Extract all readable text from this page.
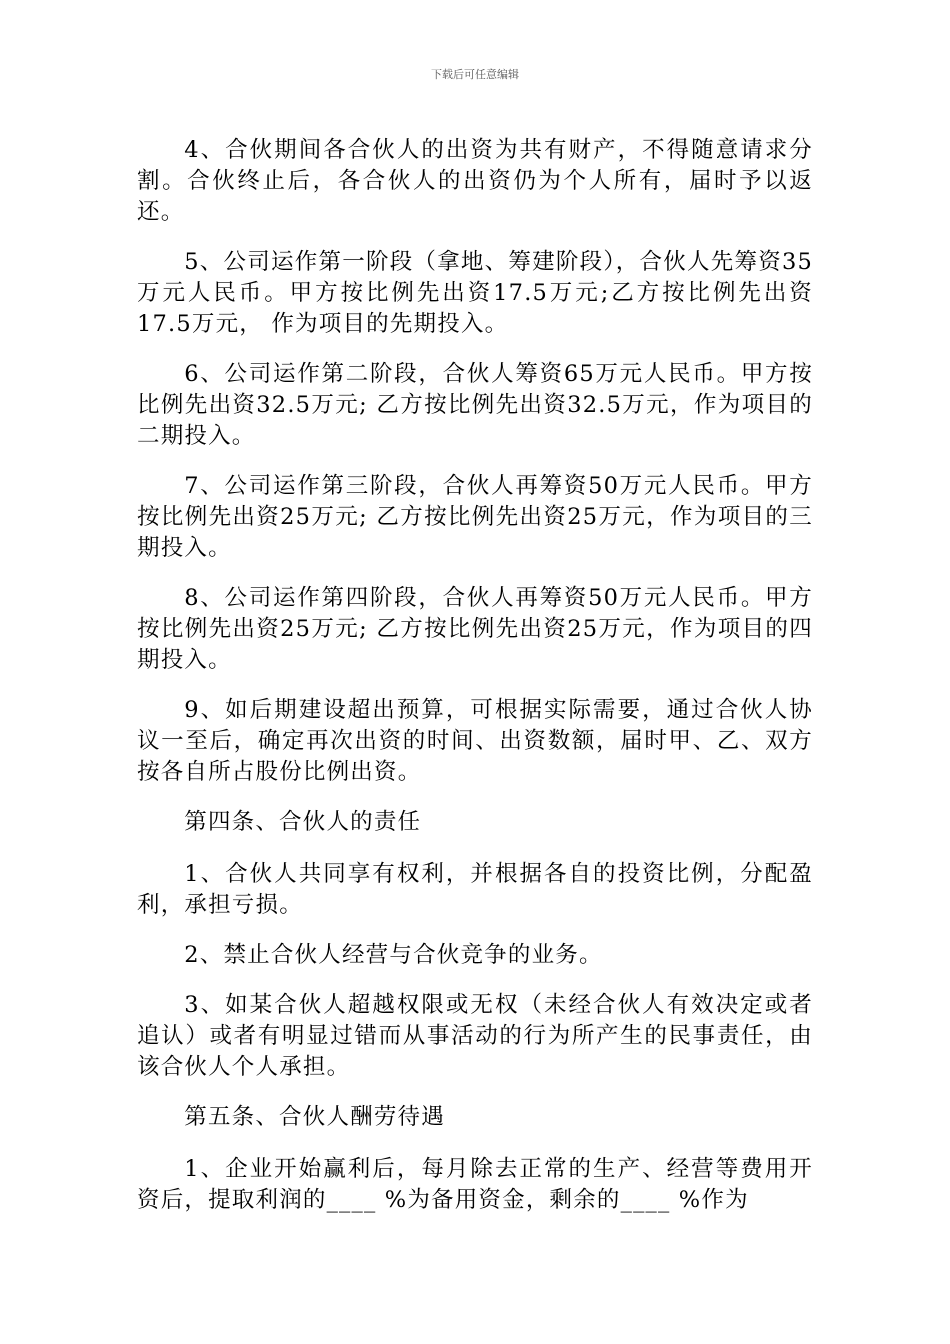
下载后可任意编辑

4、合伙期间各合伙人的出资为共有财产，不得随意请求分割。合伙终止后，各合伙人的出资仍为个人所有，届时予以返还。

5、公司运作第一阶段（拿地、筹建阶段），合伙人先筹资35万元人民币。甲方按比例先出资17.5万元;乙方按比例先出资17.5万元， 作为项目的先期投入。

6、公司运作第二阶段，合伙人筹资65万元人民币。甲方按比例先出资32.5万元; 乙方按比例先出资32.5万元，作为项目的二期投入。

7、公司运作第三阶段，合伙人再筹资50万元人民币。甲方按比例先出资25万元; 乙方按比例先出资25万元，作为项目的三期投入。

8、公司运作第四阶段，合伙人再筹资50万元人民币。甲方按比例先出资25万元; 乙方按比例先出资25万元，作为项目的四期投入。

9、如后期建设超出预算，可根据实际需要，通过合伙人协议一至后，确定再次出资的时间、出资数额，届时甲、乙、双方按各自所占股份比例出资。

第四条、合伙人的责任

1、合伙人共同享有权利，并根据各自的投资比例，分配盈利，承担亏损。

2、禁止合伙人经营与合伙竞争的业务。

3、如某合伙人超越权限或无权（未经合伙人有效决定或者追认）或者有明显过错而从事活动的行为所产生的民事责任，由该合伙人个人承担。

第五条、合伙人酬劳待遇

1、企业开始赢利后，每月除去正常的生产、经营等费用开资后，提取利润的____ %为备用资金，剩余的____ %作为
